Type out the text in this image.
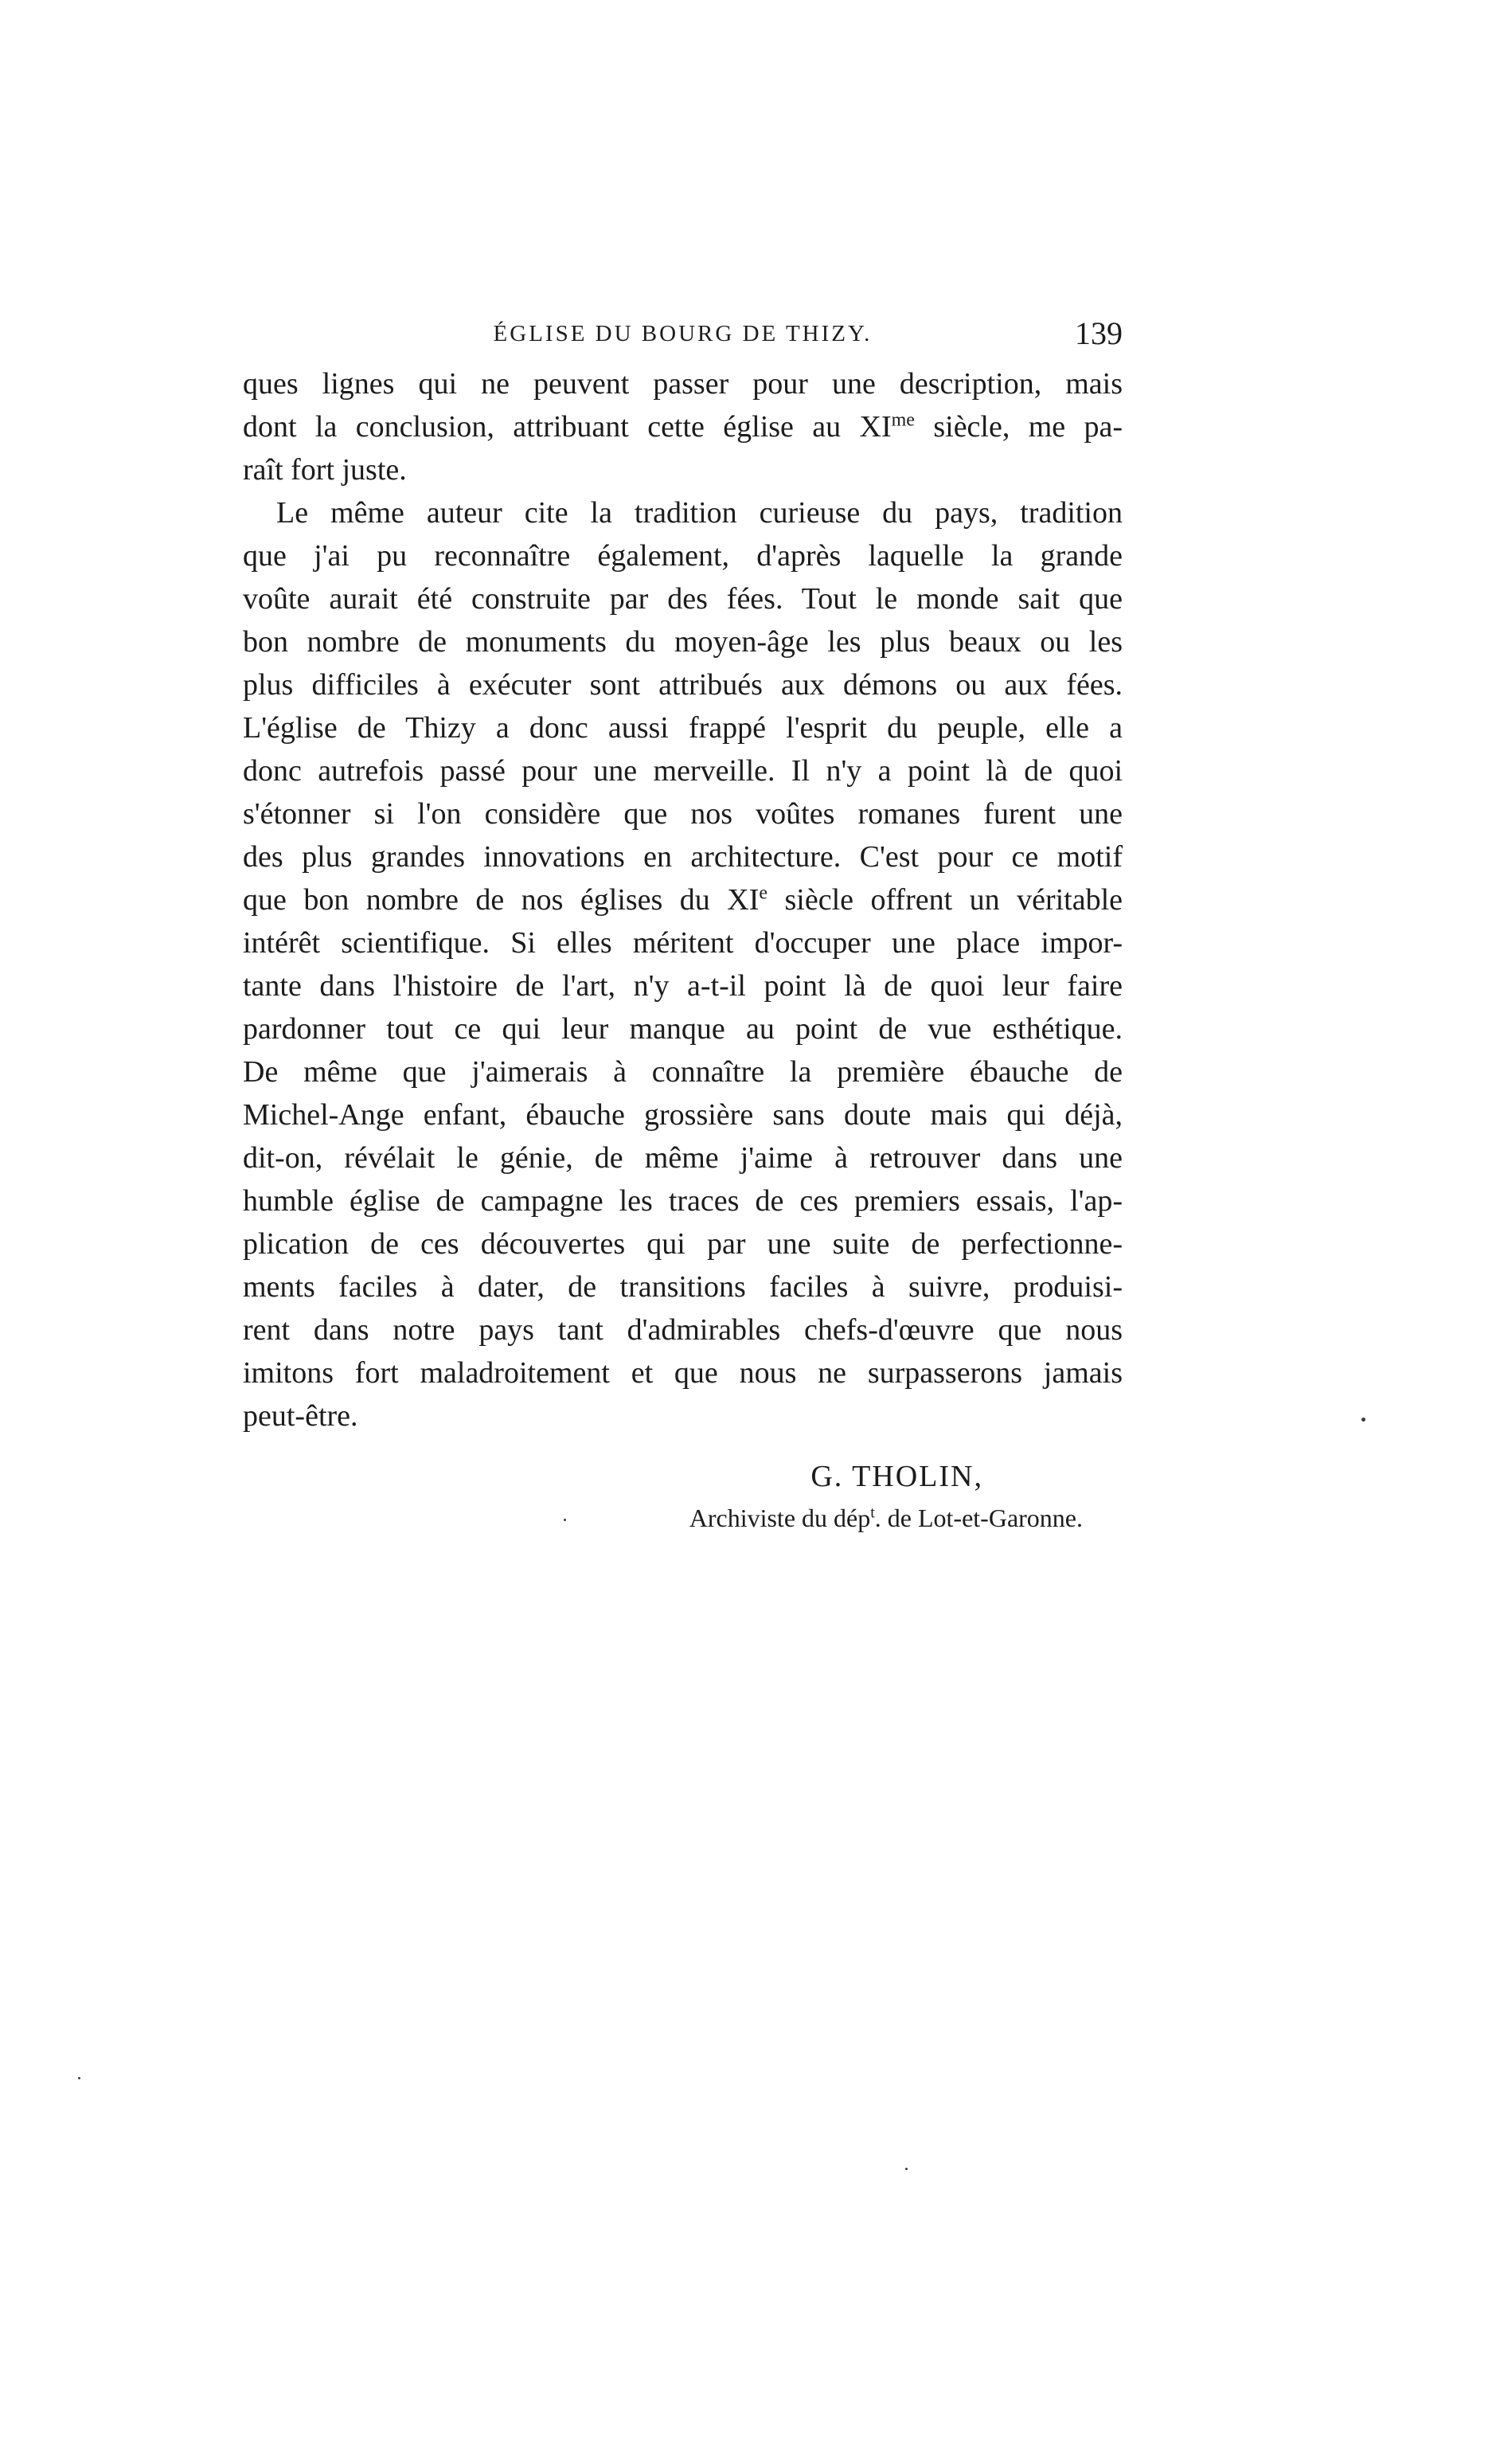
ÉGLISE DU BOURG DE THIZY.	139
ques lignes qui ne peuvent passer pour une description, mais
dont la conclusion, attribuant cette église au $XI^{me}$ siècle, me pa-
raît fort juste.
Le même auteur cite la tradition curieuse du pays, tradition
que j'ai pu reconnaître également, d'après laquelle la grande
voûte aurait été construite par des fées. Tout le monde sait que
bon nombre de monuments du moyen-âge les plus beaux ou les
plus difficiles à exécuter sont attribués aux démons ou aux fées.
L'église de Thizy a donc aussi frappé l'esprit du peuple, elle a
donc autrefois passé pour une merveille. Il n'y a point là de quoi
s'étonner si l'on considère que nos voûtes romanes furent une
des plus grandes innovations en architecture. C'est pour ce motif
que bon nombre de nos églises du XIe siècle offrent un véritable
intérêt scientifique. Si elles méritent d'occuper une place impor-
tante dans l'histoire de l'art, n'y a-t-il point là de quoi leur faire
pardonner tout ce qui leur manque au point de vue esthétique.
De même que j'aimerais à connaître la première ébauche de
Michel-Ange enfant, ébauche grossière sans doute mais qui déjà,
dit-on, révélait le génie, de même j'aime à retrouver dans une
humble église de campagne les traces de ces premiers essais, l'ap-
plication de ces découvertes qui par une suite de perfectionne-
ments faciles à dater, de transitions faciles à suivre, produisi-
rent dans notre pays tant d'admirables chefs-d'œuvre que nous
imitons fort maladroitement et que nous ne surpasserons jamais
peut-être.
G. THOLIN,
Archiviste du dép$^t$. de Lot-et-Garonne.
